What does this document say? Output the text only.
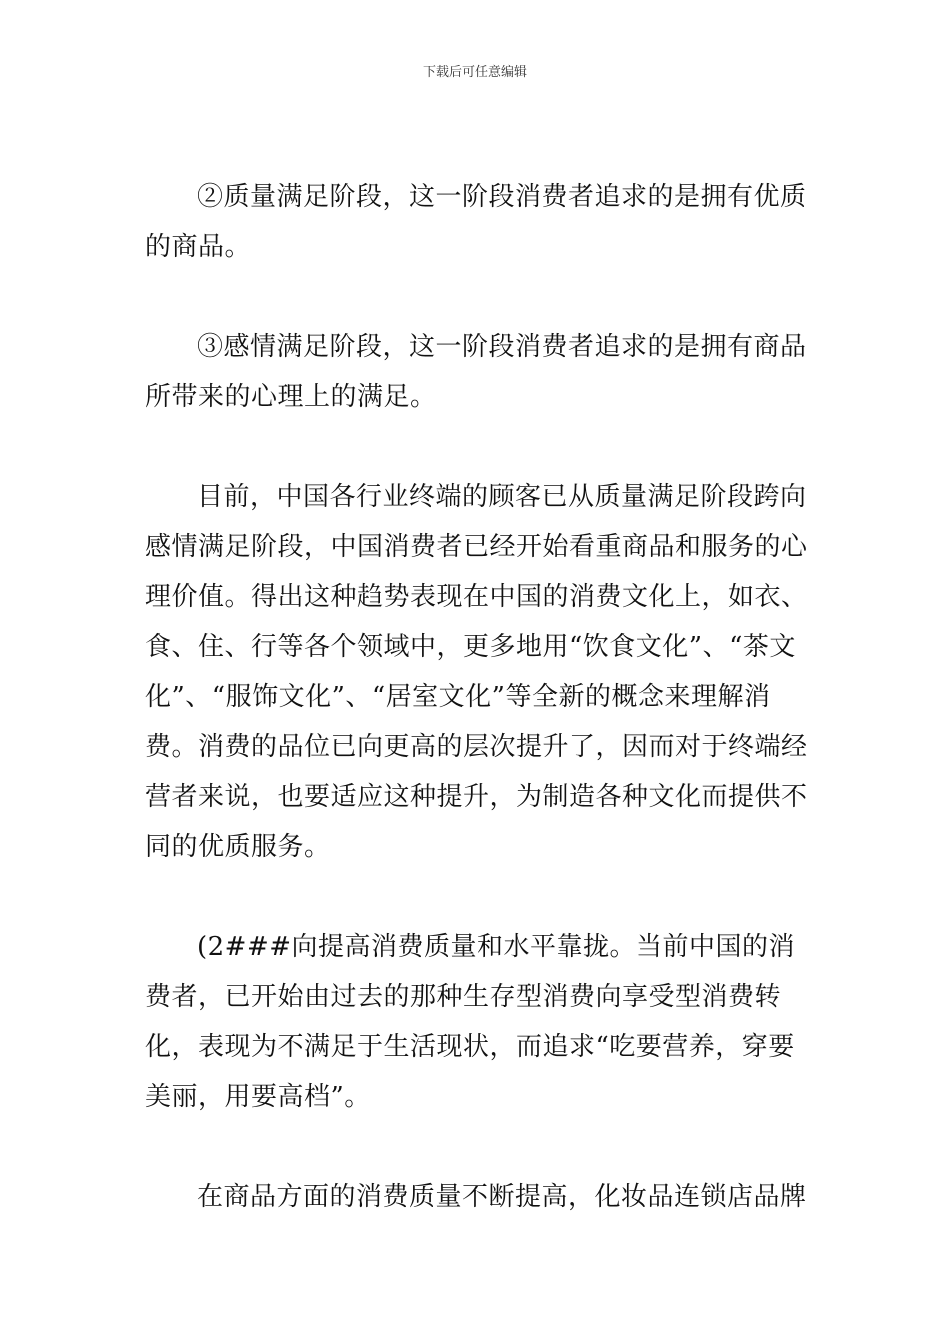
下载后可任意编辑

②质量满足阶段，这一阶段消费者追求的是拥有优质的商品。

③感情满足阶段，这一阶段消费者追求的是拥有商品所带来的心理上的满足。

目前，中国各行业终端的顾客已从质量满足阶段跨向感情满足阶段，中国消费者已经开始看重商品和服务的心理价值。得出这种趋势表现在中国的消费文化上，如衣、食、住、行等各个领域中，更多地用“饮食文化”、“茶文化”、“服饰文化”、“居室文化”等全新的概念来理解消费。消费的品位已向更高的层次提升了，因而对于终端经营者来说，也要适应这种提升，为制造各种文化而提供不同的优质服务。

(2###向提高消费质量和水平靠拢。当前中国的消费者，已开始由过去的那种生存型消费向享受型消费转化，表现为不满足于生活现状，而追求“吃要营养，穿要美丽，用要高档”。

在商品方面的消费质量不断提高，化妆品连锁店品牌
